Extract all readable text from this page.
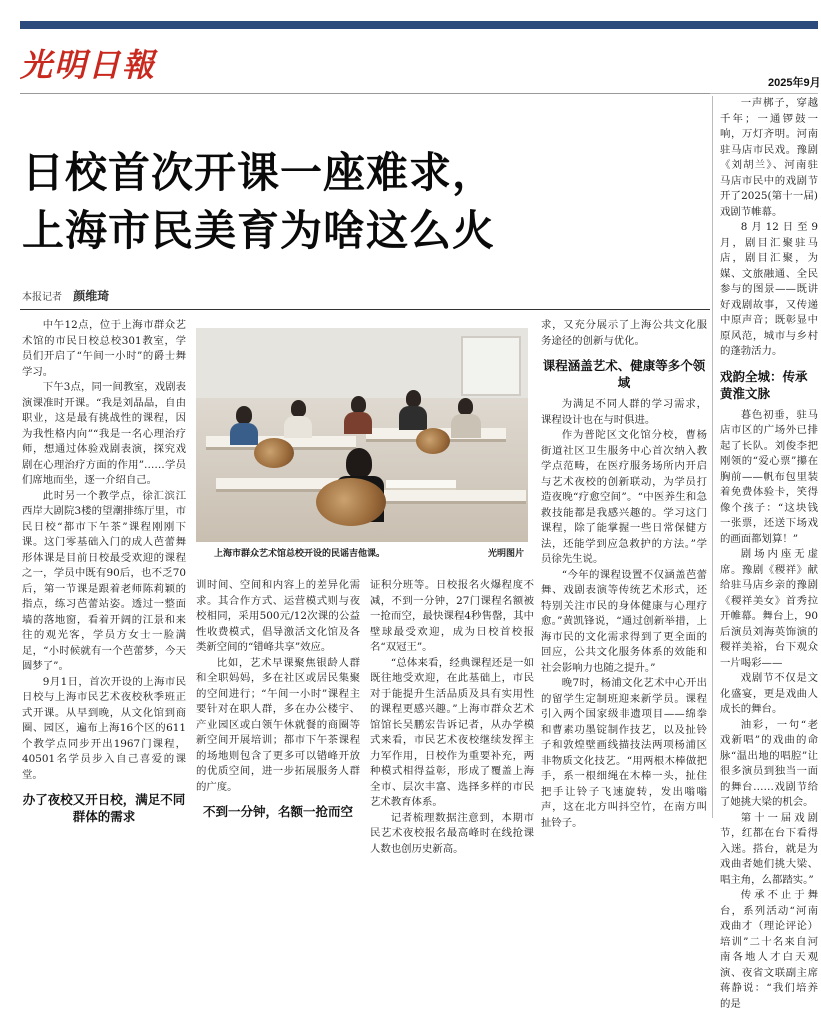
光明日報	2025年9月
日校首次开课一座难求，
上海市民美育为啥这么火
本报记者 颜维琦

中午12点，位于上海市群众艺术馆的市民日校总校301教室，学员们开启了“午间一小时”的爵士舞学习。

下午3点，同一间教室，戏剧表演课准时开课。“我是刘晶晶，自由职业，这是最有挑战性的课程，因为我性格内向”“我是一名心理治疗师，想通过体验戏剧表演，探究戏剧在心理治疗方面的作用”……学员们席地而坐，逐一介绍自己。

此时另一个教学点，徐汇滨江西岸大剧院3楼的望潮排练厅里，市民日校“都市下午茶”课程刚刚下课。这门零基础入门的成人芭蕾舞形体课是目前日校最受欢迎的课程之一，学员中既有90后，也不乏70后，第一节课是跟着老师陈莉颖的指点，练习芭蕾站姿。透过一整面墙的落地窗，看着开阔的江景和来往的观光客，学员方女士一脸满足，“小时候就有一个芭蕾梦，今天圆梦了”。

9月1日，首次开设的上海市民日校与上海市民艺术夜校秋季班正式开课。从早到晚，从文化馆到商圈、园区，遍布上海16个区的611个教学点同步开出1967门课程，40501名学员步入自己喜爱的课堂。

办了夜校又开日校，满足不同群体的需求

上海市群众艺术馆总校开设的民谣吉他课。	光明图片

训时间、空间和内容上的差异化需求。其合作方式、运营模式则与夜校相同，采用500元/12次课的公益性收费模式，倡导激活文化馆及各类新空间的“错峰共享”效应。

比如，艺术早课聚焦银龄人群和全职妈妈，多在社区或居民集聚的空间进行；“午间一小时”课程主要针对在职人群，多在办公楼宇、产业园区或白领午休就餐的商圈等新空间开展培训；都市下午茶课程的场地则包含了更多可以错峰开放的优质空间，进一步拓展服务人群的广度。

不到一分钟，名额一抢而空

证积分班等。日校报名火爆程度不减，不到一分钟，27门课程名额被一抢而空，最快课程4秒售罄，其中壁球最受欢迎，成为日校首校报名“双冠王”。

“总体来看，经典课程还是一如既往地受欢迎，在此基础上，市民对于能提升生活品质及具有实用性的课程更感兴趣。”上海市群众艺术馆馆长吴鹏宏告诉记者，从办学模式来看，市民艺术夜校继续发挥主力军作用，日校作为重要补充，两种模式相得益彰，形成了覆盖上海全市、层次丰富、选择多样的市民艺术教育体系。

记者梳理数据注意到，本期市民艺术夜校报名最高峰时在线抢课人数也创历史新高。

求，又充分展示了上海公共文化服务途径的创新与优化。

课程涵盖艺术、健康等多个领域

为满足不同人群的学习需求，课程设计也在与时俱进。

作为普陀区文化馆分校，曹杨街道社区卫生服务中心首次纳入教学点范畴，在医疗服务场所内开启与艺术夜校的创新联动，为学员打造夜晚“疗愈空间”。“中医养生和急救技能都是我感兴趣的。学习这门课程，除了能掌握一些日常保健方法，还能学到应急救护的方法。”学员徐先生说。

“今年的课程设置不仅涵盖芭蕾舞、戏剧表演等传统艺术形式，还特别关注市民的身体健康与心理疗愈。”黄凯锋说，“通过创新举措，上海市民的文化需求得到了更全面的回应，公共文化服务体系的效能和社会影响力也随之提升。”

晚7时，杨浦文化艺术中心开出的留学生定制班迎来新学员。课程引入两个国家级非遗项目——绵拳和曹素功墨锭制作技艺，以及扯铃子和敦煌壁画线描技法两项杨浦区非物质文化技艺。“用两根木棒做把手，系一根细绳在木棒一头，扯住把手让铃子飞速旋转，发出嗡嗡声，这在北方叫抖空竹，在南方叫扯铃子。

一声梆子，穿越千年；一通锣鼓一响，万灯齐明。河南驻马店市民戏。豫剧《刘胡兰》、河南驻马店市民中的戏剧节开了2025(第十一届)戏剧节帷幕。

8月12日至9月，剧目汇聚驻马店，剧目汇聚，为媒、文旅融通、全民参与的图景——既讲好戏剧故事，又传递中原声音；既彰显中原风范，城市与乡村的蓬勃活力。

戏韵全城：传承黄淮文脉

暮色初垂，驻马店市区的广场外已排起了长队。刘俊李把刚领的“爱心票”攥在胸前——帆布包里装着免费体验卡，笑得像个孩子：“这块钱一张票，还送下场戏的画面都划算！”

剧场内座无虚席。豫剧《稷祥》献给驻马店乡亲的豫剧《稷祥美女》首秀拉开帷幕。舞台上，90后演员刘海英饰演的稷祥美裕，台下观众一片喝彩——

戏剧节不仅是文化盛宴，更是戏曲人成长的舞台。

油彩，一句“老戏新唱”的戏曲的命脉“温出地的唱腔”让很多演员到独当一面的舞台……戏剧节给了她挑大梁的机会。

第十一届戏剧节，红都在台下看得入迷。搭台，就是为戏曲者她们挑大梁、唱主角，么都踏实。”

传承不止于舞台，系列活动“河南戏曲才（理论评论）培训”二十名来自河南各地人才白天观演、夜省文联副主席蒋静说：“我们培养的是
